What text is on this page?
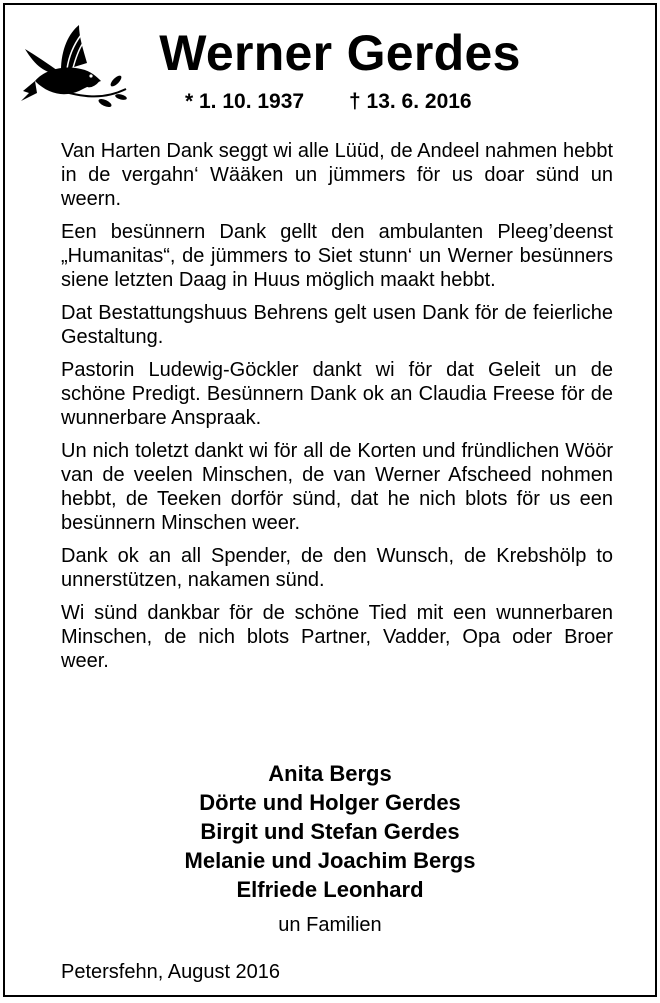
Werner Gerdes
* 1. 10. 1937 † 13. 6. 2016

Van Harten Dank seggt wi alle Lüüd, de Andeel nahmen hebbt in de vergahn‘ Wääken un jümmers för us doar sünd un weern.

Een besünnern Dank gellt den ambulanten Pleeg’deenst „Humanitas“, de jümmers to Siet stunn‘ un Werner besünners siene letzten Daag in Huus möglich maakt hebbt.

Dat Bestattungshuus Behrens gelt usen Dank för de feierliche Gestaltung.

Pastorin Ludewig-Göckler dankt wi för dat Geleit un de schöne Predigt. Besünnern Dank ok an Claudia Freese för de wunnerbare Anspraak.

Un nich toletzt dankt wi för all de Korten und fründlichen Wöör van de veelen Minschen, de van Werner Afscheed nohmen hebbt, de Teeken dorför sünd, dat he nich blots för us een besünnern Minschen weer.

Dank ok an all Spender, de den Wunsch, de Krebshölp to unnerstützen, nakamen sünd.

Wi sünd dankbar för de schöne Tied mit een wunnerbaren Minschen, de nich blots Partner, Vadder, Opa oder Broer weer.

Anita Bergs
Dörte und Holger Gerdes
Birgit und Stefan Gerdes
Melanie und Joachim Bergs
Elfriede Leonhard
un Familien
Petersfehn, August 2016
